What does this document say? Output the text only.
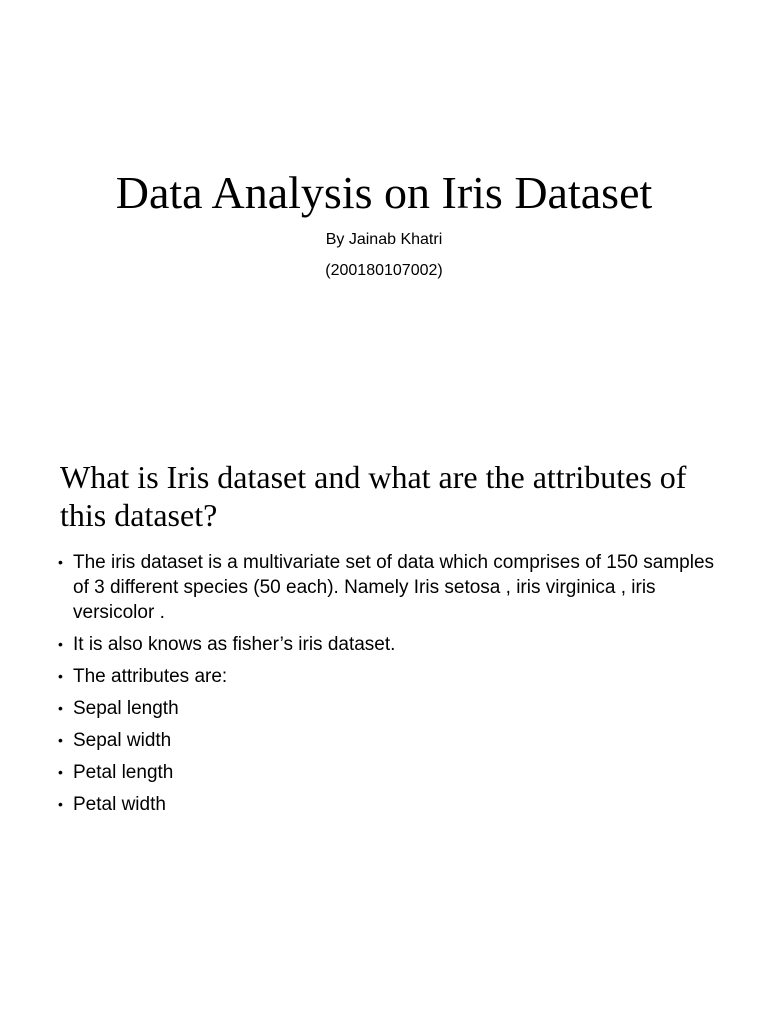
Data Analysis on Iris Dataset
By Jainab Khatri
(200180107002)
What is Iris dataset and what are the attributes of this dataset?
• The iris dataset is a multivariate set of data which comprises of 150 samples of 3 different species (50 each). Namely Iris setosa , iris virginica , iris versicolor .
• It is also knows as fisher’s iris dataset.
• The attributes are:
• Sepal length
• Sepal width
• Petal length
• Petal width
